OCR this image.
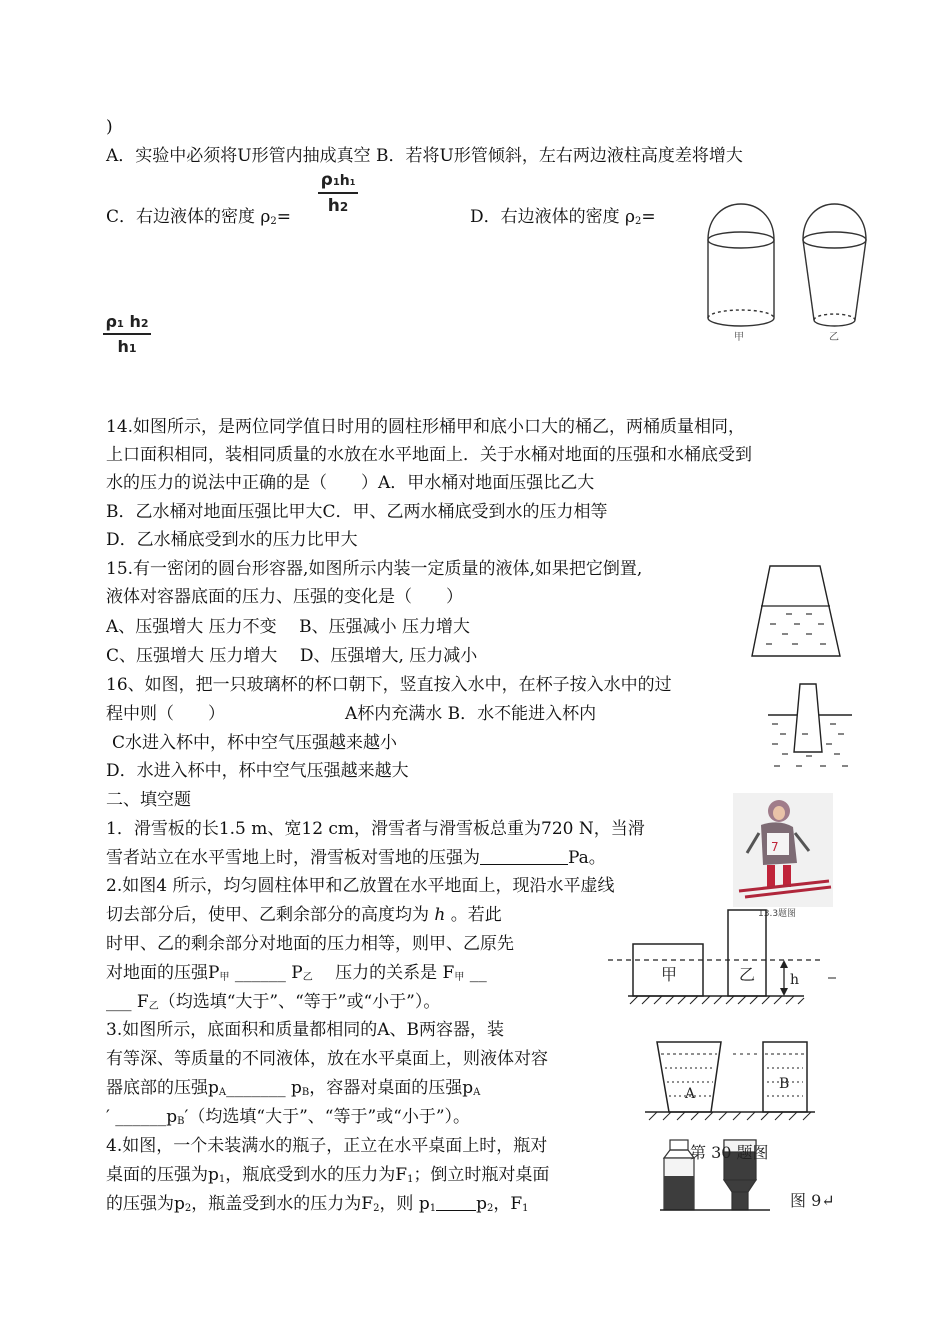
)
A．实验中必须将U形管内抽成真空 B．若将U形管倾斜，左右两边液柱高度差将增大
C．右边液体的密度 ρ2=
ρ1h1
h2	D．右边液体的密度 ρ2=
ρ1 h2
h1
甲	乙
14.如图所示，是两位同学值日时用的圆柱形桶甲和底小口大的桶乙，两桶质量相同，
上口面积相同，装相同质量的水放在水平地面上．关于水桶对地面的压强和水桶底受到
水的压力的说法中正确的是（　　）A．甲水桶对地面压强比乙大
B．乙水桶对地面压强比甲大C．甲、乙两水桶底受到水的压力相等
D．乙水桶底受到水的压力比甲大
15.有一密闭的圆台形容器,如图所示内装一定质量的液体,如果把它倒置,
液体对容器底面的压力、压强的变化是（　　）
A、压强增大 压力不变　 B、压强减小 压力增大
C、压强增大 压力增大　 D、压强增大, 压力减小
16、如图，把一只玻璃杯的杯口朝下，竖直按入水中，在杯子按入水中的过
程中则（　　）	A杯内充满水 B．水不能进入杯内
C水进入杯中，杯中空气压强越来越小
D．水进入杯中，杯中空气压强越来越大
二、填空题
1．滑雪板的长1.5 m、宽12 cm，滑雪者与滑雪板总重为720 N，当滑
雪者站立在水平雪地上时，滑雪板对雪地的压强为	Pa。
7
2.如图4 所示，均匀圆柱体甲和乙放置在水平地面上，现沿水平虚线
切去部分后，使甲、乙剩余部分的高度均为 h 。若此
时甲、乙的剩余部分对地面的压力相等，则甲、乙原先
对地面的压强P甲 ______ P乙　 压力的关系是 F甲 __
___ F乙（均选填“大于”、“等于”或“小于”）。
13.3题图
甲	乙 h
3.如图所示，底面积和质量都相同的A、B两容器，装
有等深、等质量的不同液体，放在水平桌面上，则液体对容
器底部的压强pA_______ pB，容器对桌面的压强pA
′ ______pB′（均选填“大于”、“等于”或“小于”）。
A
B
4.如图，一个未装满水的瓶子，正立在水平桌面上时，瓶对
桌面的压强为p1，瓶底受到水的压力为F1；倒立时瓶对桌面
的压强为p2，瓶盖受到水的压力为F2，则 p1 p2，F1
第 30 题图
图 9↵
